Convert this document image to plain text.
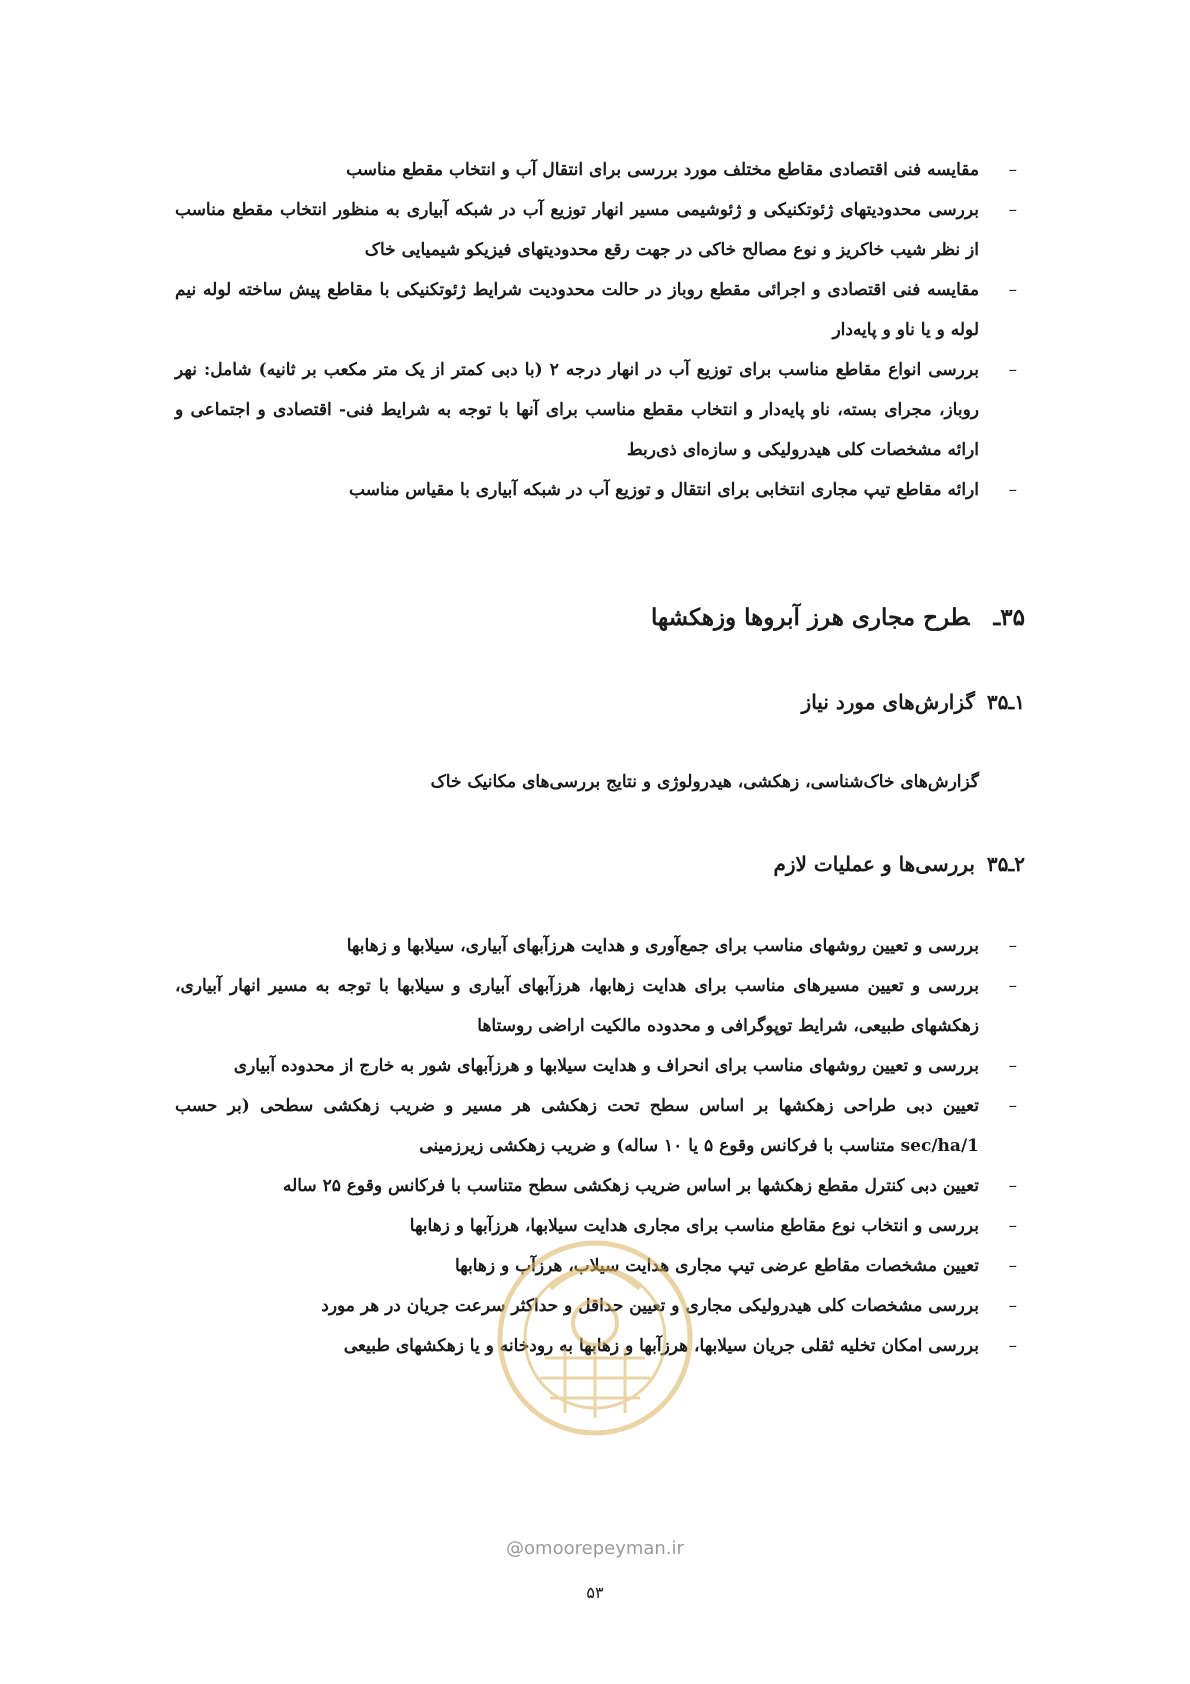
–
مقایسه فنی اقتصادی مقاطع مختلف مورد بررسی برای انتقال آب و انتخاب مقطع مناسب
–
بررسی محدودیتهای ژئوتکنیکی و ژئوشیمی مسیر انهار توزیع آب در شبکه آبیاری به منظور انتخاب مقطع مناسب از نظر شیب خاکریز و نوع مصالح خاکی در جهت رقع محدودیتهای فیزیکو شیمیایی خاک
–
مقایسه فنی اقتصادی و اجرائی مقطع روباز در حالت محدودیت شرایط ژئوتکنیکی با مقاطع پیش ساخته لوله نیم لوله و یا ناو و پایه‌دار
–
بررسی انواع مقاطع مناسب برای توزیع آب در انهار درجه ۲ (با دبی کمتر از یک متر مکعب بر ثانیه) شامل: نهر روباز، مجرای بسته، ناو پایه‌دار و انتخاب مقطع مناسب برای آنها با توجه به شرایط فنی- اقتصادی و اجتماعی و ارائه مشخصات کلی هیدرولیکی و سازه‌ای ذی‌ربط
–
ارائه مقاطع تیپ مجاری انتخابی برای انتقال و توزیع آب در شبکه آبیاری با مقیاس مناسب
۳۵ـطرح مجاری هرز آبروها وزهکشها
۱ـ۳۵گزارش‌های مورد نیاز

گزارش‌های خاک‌شناسی، زهکشی، هیدرولوژی و نتایج بررسی‌های مکانیک خاک

۲ـ۳۵بررسی‌ها و عملیات لازم
–
بررسی و تعیین روشهای مناسب برای جمع‌آوری و هدایت هرزآبهای آبیاری، سیلابها و زهابها
–
بررسی و تعیین مسیرهای مناسب برای هدایت زهابها، هرزآبهای آبیاری و سیلابها با توجه به مسیر انهار آبیاری، زهکشهای طبیعی، شرایط توپوگرافی و محدوده مالکیت اراضی روستاها
–
بررسی و تعیین روشهای مناسب برای انحراف و هدایت سیلابها و هرزآبهای شور به خارج از محدوده آبیاری
–
تعیین دبی طراحی زهکشها بر اساس سطح تحت زهکشی هر مسیر و ضریب زهکشی سطحی (بر حسب 1/sec/ha متناسب با فرکانس وقوع ۵ یا ۱۰ ساله) و ضریب زهکشی زیرزمینی
–
تعیین دبی کنترل مقطع زهکشها بر اساس ضریب زهکشی سطح متناسب با فرکانس وقوع ۲۵ ساله
–
بررسی و انتخاب نوع مقاطع مناسب برای مجاری هدایت سیلابها، هرزآبها و زهابها
–
تعیین مشخصات مقاطع عرضی تیپ مجاری هدایت سیلاب، هرزآب و زهابها
–
بررسی مشخصات کلی هیدرولیکی مجاری و تعیین حداقل و حداکثر سرعت جریان در هر مورد
–
بررسی امکان تخلیه ثقلی جریان سیلابها، هرزآبها و زهابها به رودخانه و یا زهکشهای طبیعی
@omoorepeyman.ir
۵۳
